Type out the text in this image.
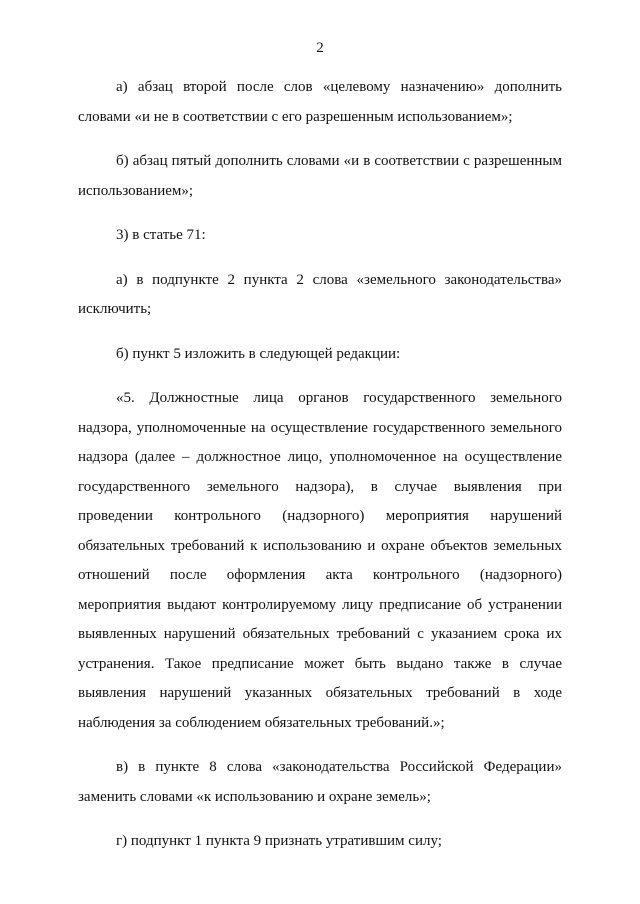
2

а) абзац второй после слов «целевому назначению» дополнить словами «и не в соответствии с его разрешенным использованием»;

б) абзац пятый дополнить словами «и в соответствии с разрешенным использованием»;

3) в статье 71:

а) в подпункте 2 пункта 2 слова «земельного законодательства» исключить;

б) пункт 5 изложить в следующей редакции:

«5. Должностные лица органов государственного земельного надзора, уполномоченные на осуществление государственного земельного надзора (далее – должностное лицо, уполномоченное на осуществление государственного земельного надзора), в случае выявления при проведении контрольного (надзорного) мероприятия нарушений обязательных требований к использованию и охране объектов земельных отношений после оформления акта контрольного (надзорного) мероприятия выдают контролируемому лицу предписание об устранении выявленных нарушений обязательных требований с указанием срока их устранения. Такое предписание может быть выдано также в случае выявления нарушений указанных обязательных требований в ходе наблюдения за соблюдением обязательных требований.»;

в) в пункте 8 слова «законодательства Российской Федерации» заменить словами «к использованию и охране земель»;

г) подпункт 1 пункта 9 признать утратившим силу;
